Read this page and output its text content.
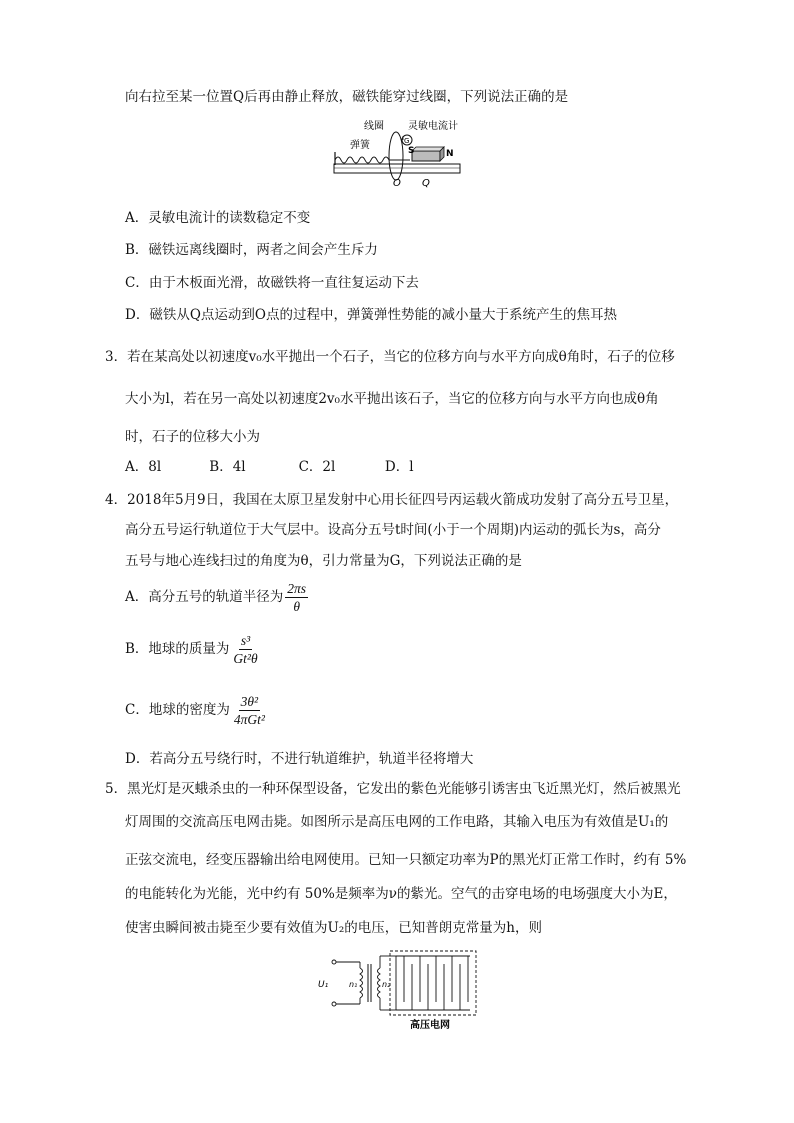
向右拉至某一位置Q后再由静止释放，磁铁能穿过线圈，下列说法正确的是
线圈 灵敏电流计
G
弹簧	S	N
O Q
A．灵敏电流计的读数稳定不变
B．磁铁远离线圈时，两者之间会产生斥力
C．由于木板面光滑，故磁铁将一直往复运动下去
D．磁铁从Q点运动到O点的过程中，弹簧弹性势能的减小量大于系统产生的焦耳热
3．若在某高处以初速度v₀水平抛出一个石子，当它的位移方向与水平方向成θ角时，石子的位移
大小为l，若在另一高处以初速度2v₀水平抛出该石子，当它的位移方向与水平方向也成θ角
时，石子的位移大小为
A．8l	B．4l	C．2l	D．l
4．2018年5月9日，我国在太原卫星发射中心用长征四号丙运载火箭成功发射了高分五号卫星，
高分五号运行轨道位于大气层中。设高分五号t时间(小于一个周期)内运动的弧长为s，高分
五号与地心连线扫过的角度为θ，引力常量为G，下列说法正确的是
A．高分五号的轨道半径为 $\frac{2\pi s}{\theta}$
B．地球的质量为 $\frac{\text{s³}}{\text{Gt²θ}}$
C．地球的密度为 $\frac{\text{3θ²}}{\text{4πGt²}}$
D．若高分五号绕行时，不进行轨道维护，轨道半径将增大
5．黑光灯是灭蛾杀虫的一种环保型设备，它发出的紫色光能够引诱害虫飞近黑光灯，然后被黑光
灯周围的交流高压电网击毙。如图所示是高压电网的工作电路，其输入电压为有效值是U₁的
正弦交流电，经变压器输出给电网使用。已知一只额定功率为P的黑光灯正常工作时，约有 5%
的电能转化为光能，光中约有 50%是频率为ν的紫光。空气的击穿电场的电场强度大小为E，
使害虫瞬间被击毙至少要有效值为U₂的电压，已知普朗克常量为h，则
U₁	n₁	n₂
高压电网
